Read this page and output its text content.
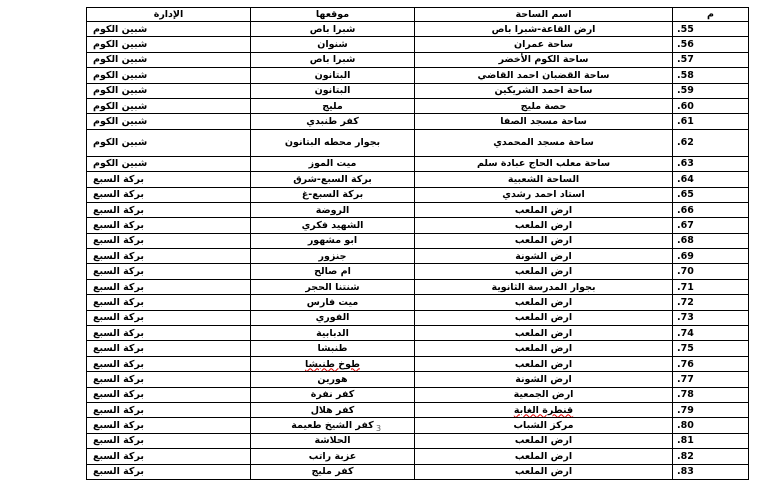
م	اسم الساحة	موقعها	الإدارة
.55	ارض القاعة-شبرا باص	شبرا باص	شبين الكوم
.56	ساحة عمران	شنوان	شبين الكوم
.57	ساحة الكوم الأخضر	شبرا باص	شبين الكوم
.58	ساحة القضبان احمد القاضي	البتانون	شبين الكوم
.59	ساحة احمد الشريكين	البتانون	شبين الكوم
.60	حصة مليج	مليج	شبين الكوم
.61	ساحة مسجد الصفا	كفر طنبدي	شبين الكوم
.62	ساحة مسجد المحمدي	بجوار محطه البتانون	شبين الكوم
.63	ساحة معلب الحاج عبادة سلم	ميت الموز	شبين الكوم
.64	الساحة الشعبية	بركة السبع-شرق	بركة السبع
.65	استاد احمد رشدي	بركة السبع-غ	بركة السبع
.66	ارض الملعب	الروضة	بركة السبع
.67	ارض الملعب	الشهيد فكري	بركة السبع
.68	ارض الملعب	ابو مشهور	بركة السبع
.69	ارض الشونة	جنزور	بركة السبع
.70	ارض الملعب	ام صالح	بركة السبع
.71	بجوار المدرسة الثانوية	شنتنا الحجر	بركة السبع
.72	ارض الملعب	ميت فارس	بركة السبع
.73	ارض الملعب	الفوري	بركة السبع
.74	ارض الملعب	الدبابية	بركة السبع
.75	ارض الملعب	طنبشا	بركة السبع
.76	ارض الملعب	طوخ طنبشا	بركة السبع
.77	ارض الشونة	هورين	بركة السبع
.78	ارض الجمعية	كفر نفرة	بركة السبع
.79	قنطرة الغابة	كفر هلال	بركة السبع
.80	مركز الشباب	كفر الشيخ طعيمة	بركة السبع
.81	ارض الملعب	الحلاشة	بركة السبع
.82	ارض الملعب	عزبة راتب	بركة السبع
.83	ارض الملعب	كفر مليج	بركة السبع
3
